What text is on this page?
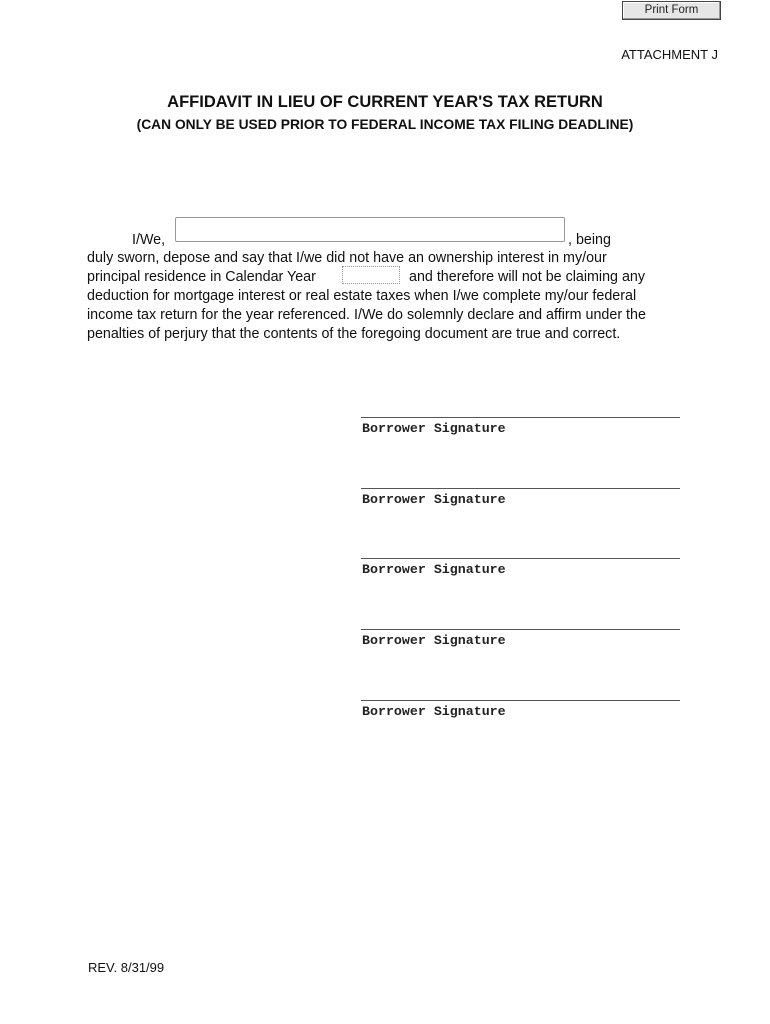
Print Form
ATTACHMENT J
AFFIDAVIT IN LIEU OF CURRENT YEAR'S TAX RETURN
(CAN ONLY BE USED PRIOR TO FEDERAL INCOME TAX FILING DEADLINE)
I/We,	, being
duly sworn, depose and say that I/we did not have an ownership interest in my/our
principal residence in Calendar Year	and therefore will not be claiming any
deduction for mortgage interest or real estate taxes when I/we complete my/our federal
income tax return for the year referenced. I/We do solemnly declare and affirm under the
penalties of perjury that the contents of the foregoing document are true and correct.
Borrower Signature
Borrower Signature
Borrower Signature
Borrower Signature
Borrower Signature
REV. 8/31/99
